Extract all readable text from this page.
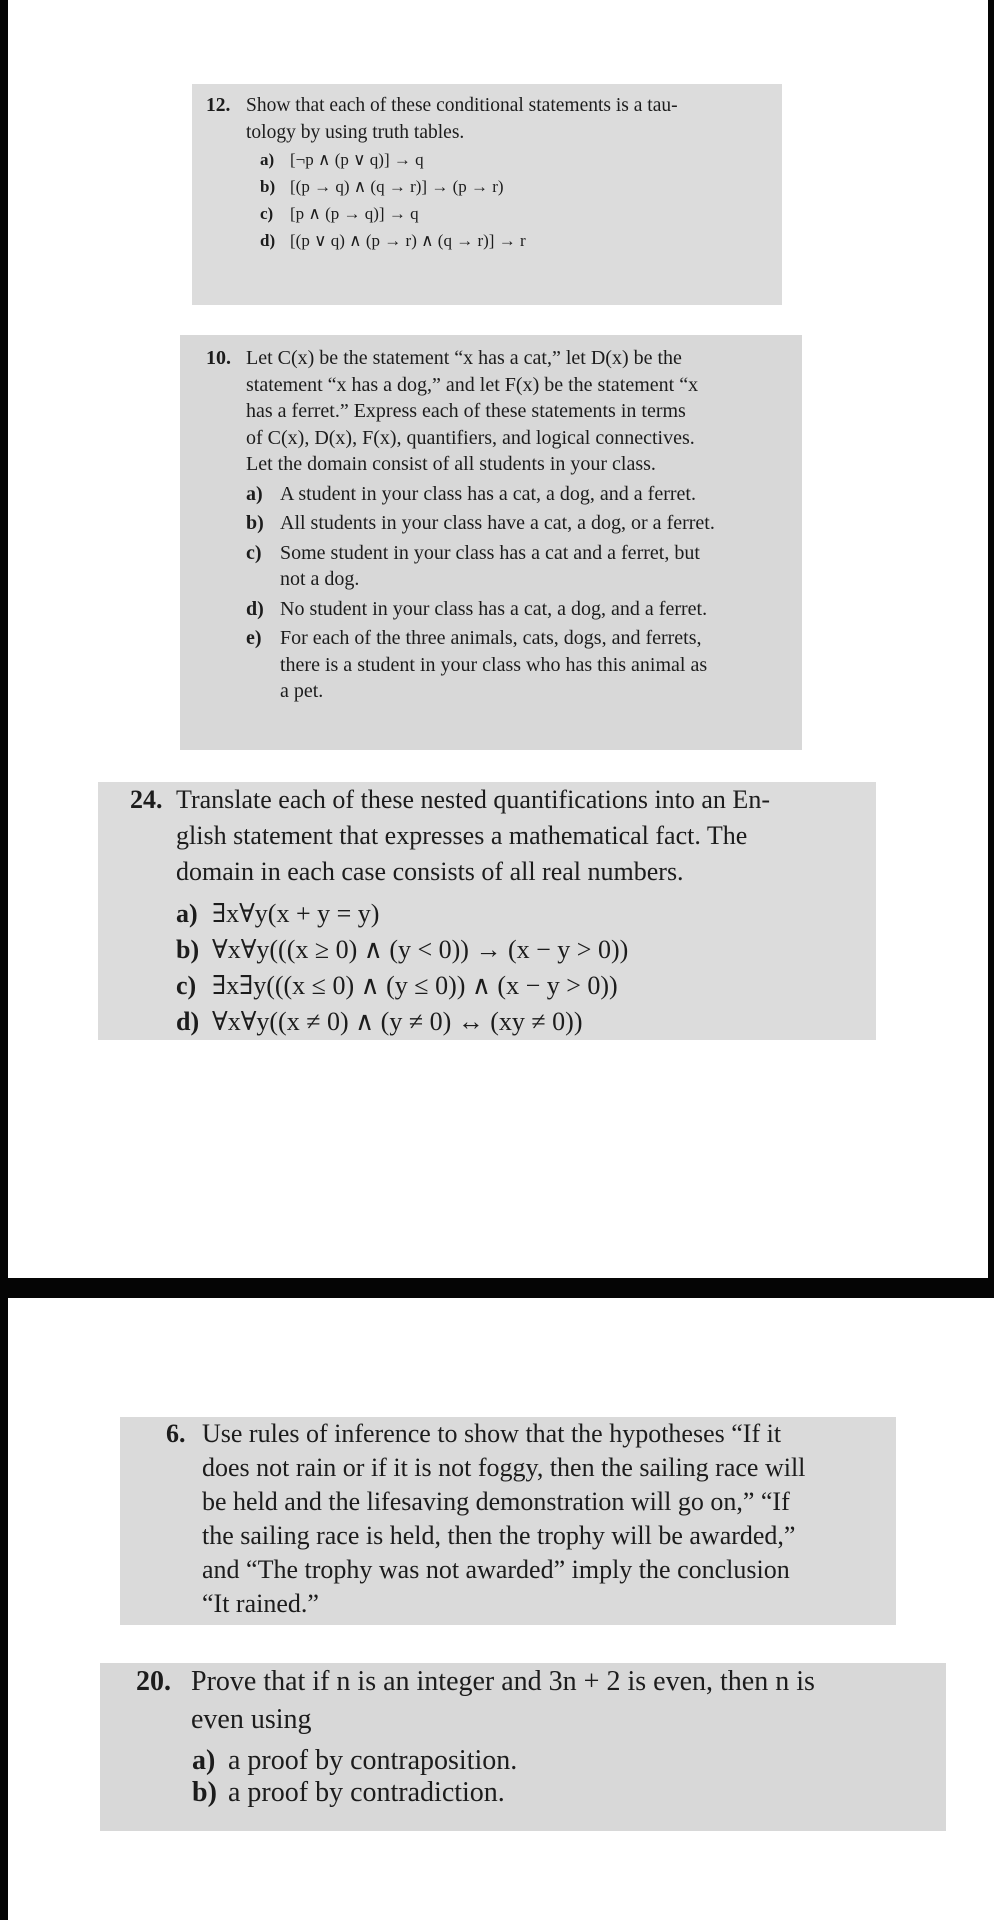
12. Show that each of these conditional statements is a tau-
tology by using truth tables.
a) [¬p ∧ (p ∨ q)] → q
b) [(p → q) ∧ (q → r)] → (p → r)
c) [p ∧ (p → q)] → q
d) [(p ∨ q) ∧ (p → r) ∧ (q → r)] → r
10. Let C(x) be the statement “x has a cat,” let D(x) be the
statement “x has a dog,” and let F(x) be the statement “x
has a ferret.” Express each of these statements in terms
of C(x), D(x), F(x), quantifiers, and logical connectives.
Let the domain consist of all students in your class.
a) A student in your class has a cat, a dog, and a ferret.
b) All students in your class have a cat, a dog, or a ferret.
c) Some student in your class has a cat and a ferret, but
not a dog.
d) No student in your class has a cat, a dog, and a ferret.
e) For each of the three animals, cats, dogs, and ferrets,
there is a student in your class who has this animal as
a pet.
24. Translate each of these nested quantifications into an En-
glish statement that expresses a mathematical fact. The
domain in each case consists of all real numbers.
a) ∃x∀y(x + y = y)
b) ∀x∀y(((x ≥ 0) ∧ (y < 0)) → (x − y > 0))
c) ∃x∃y(((x ≤ 0) ∧ (y ≤ 0)) ∧ (x − y > 0))
d) ∀x∀y((x ≠ 0) ∧ (y ≠ 0) ↔ (xy ≠ 0))
6. Use rules of inference to show that the hypotheses “If it
does not rain or if it is not foggy, then the sailing race will
be held and the lifesaving demonstration will go on,” “If
the sailing race is held, then the trophy will be awarded,”
and “The trophy was not awarded” imply the conclusion
“It rained.”
20. Prove that if n is an integer and 3n + 2 is even, then n is
even using
a) a proof by contraposition.
b) a proof by contradiction.
